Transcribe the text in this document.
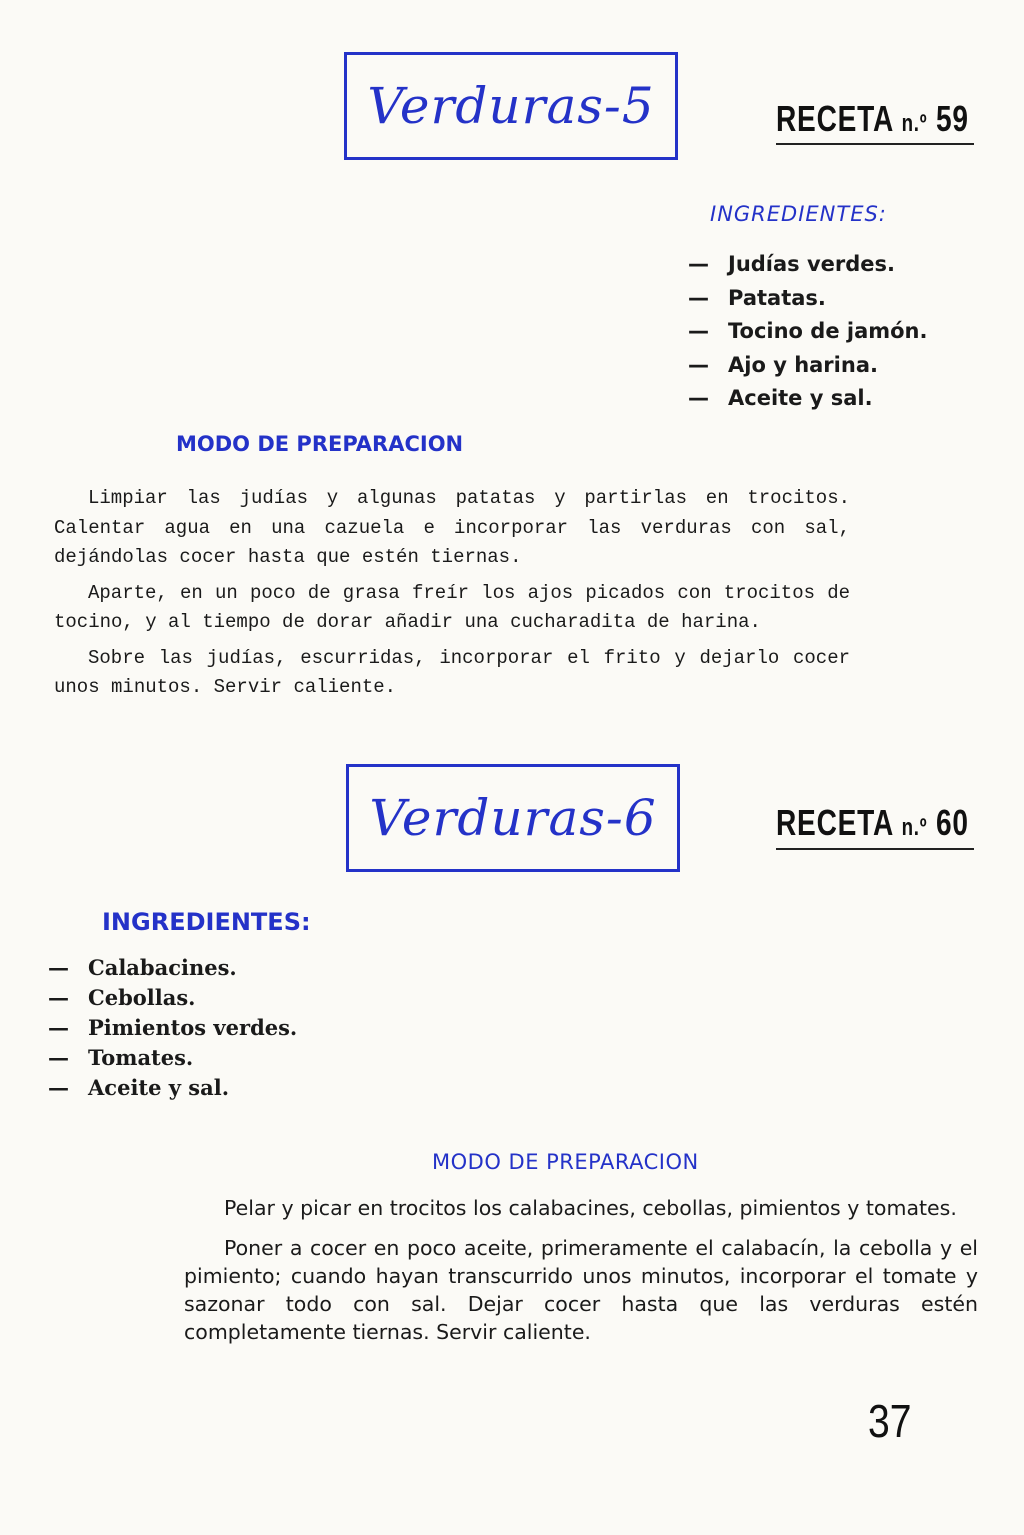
Verduras-5	RECETA n.º 59
INGREDIENTES:
— Judías verdes.
— Patatas.
— Tocino de jamón.
— Ajo y harina.
— Aceite y sal.
MODO DE PREPARACION

Limpiar las judías y algunas patatas y partirlas en trocitos. Calentar agua en una cazuela e incorporar las verduras con sal, dejándolas cocer hasta que estén tiernas.

Aparte, en un poco de grasa freír los ajos picados con trocitos de tocino, y al tiempo de dorar añadir una cucharadita de harina.

Sobre las judías, escurridas, incorporar el frito y dejarlo cocer unos minutos. Servir caliente.

Verduras-6	RECETA n.º 60
INGREDIENTES:
— Calabacines.
— Cebollas.
— Pimientos verdes.
— Tomates.
— Aceite y sal.
MODO DE PREPARACION

Pelar y picar en trocitos los calabacines, cebollas, pimientos y tomates.

Poner a cocer en poco aceite, primeramente el calabacín, la cebolla y el pimiento; cuando hayan transcurrido unos minutos, incorporar el tomate y sazonar todo con sal. Dejar cocer hasta que las verduras estén completamente tiernas. Servir caliente.

37
